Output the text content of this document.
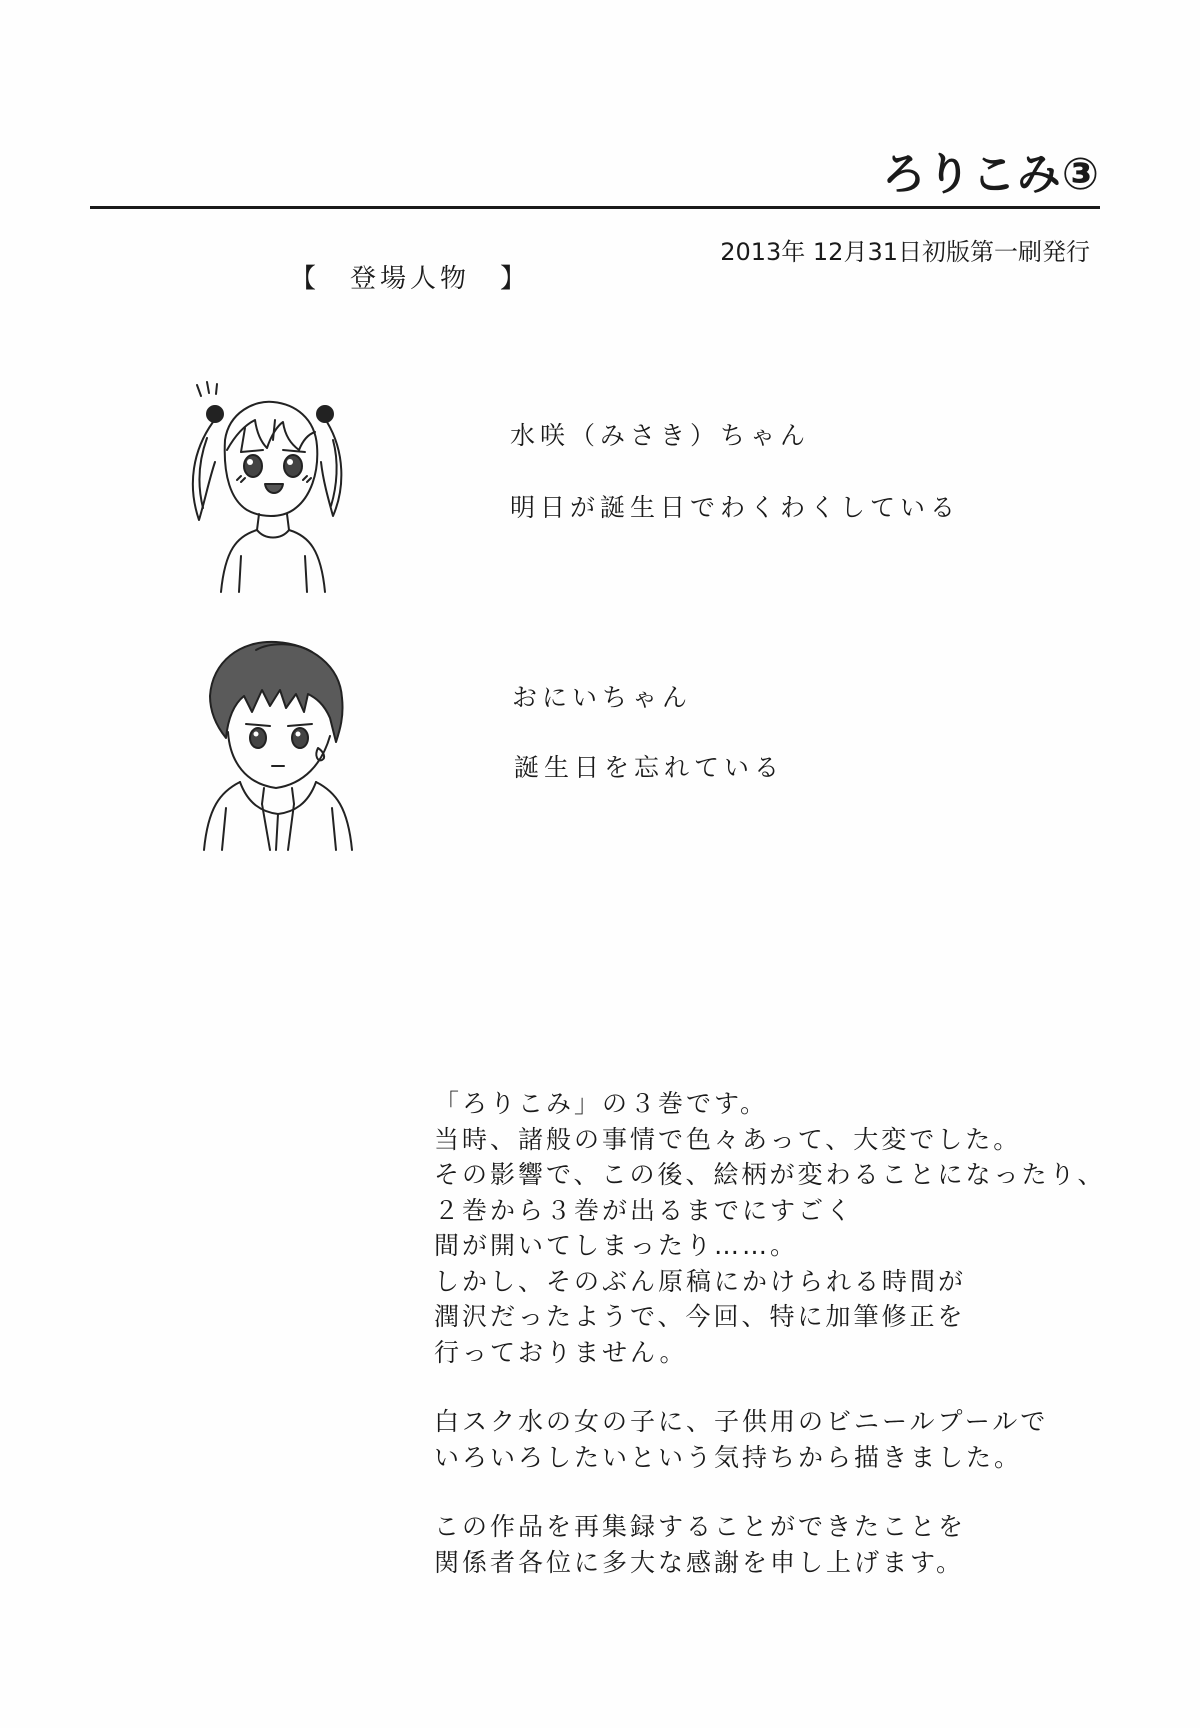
ろりこみ③
2013年 12月31日初版第一刷発行
【　登場人物　】
水咲（みさき）ちゃん
明日が誕生日でわくわくしている
おにいちゃん
誕生日を忘れている
「ろりこみ」の３巻です。
当時、諸般の事情で色々あって、大変でした。
その影響で、この後、絵柄が変わることになったり、
２巻から３巻が出るまでにすごく
間が開いてしまったり……。
しかし、そのぶん原稿にかけられる時間が
潤沢だったようで、今回、特に加筆修正を
行っておりません。
白スク水の女の子に、子供用のビニールプールで
いろいろしたいという気持ちから描きました。
この作品を再集録することができたことを
関係者各位に多大な感謝を申し上げます。
